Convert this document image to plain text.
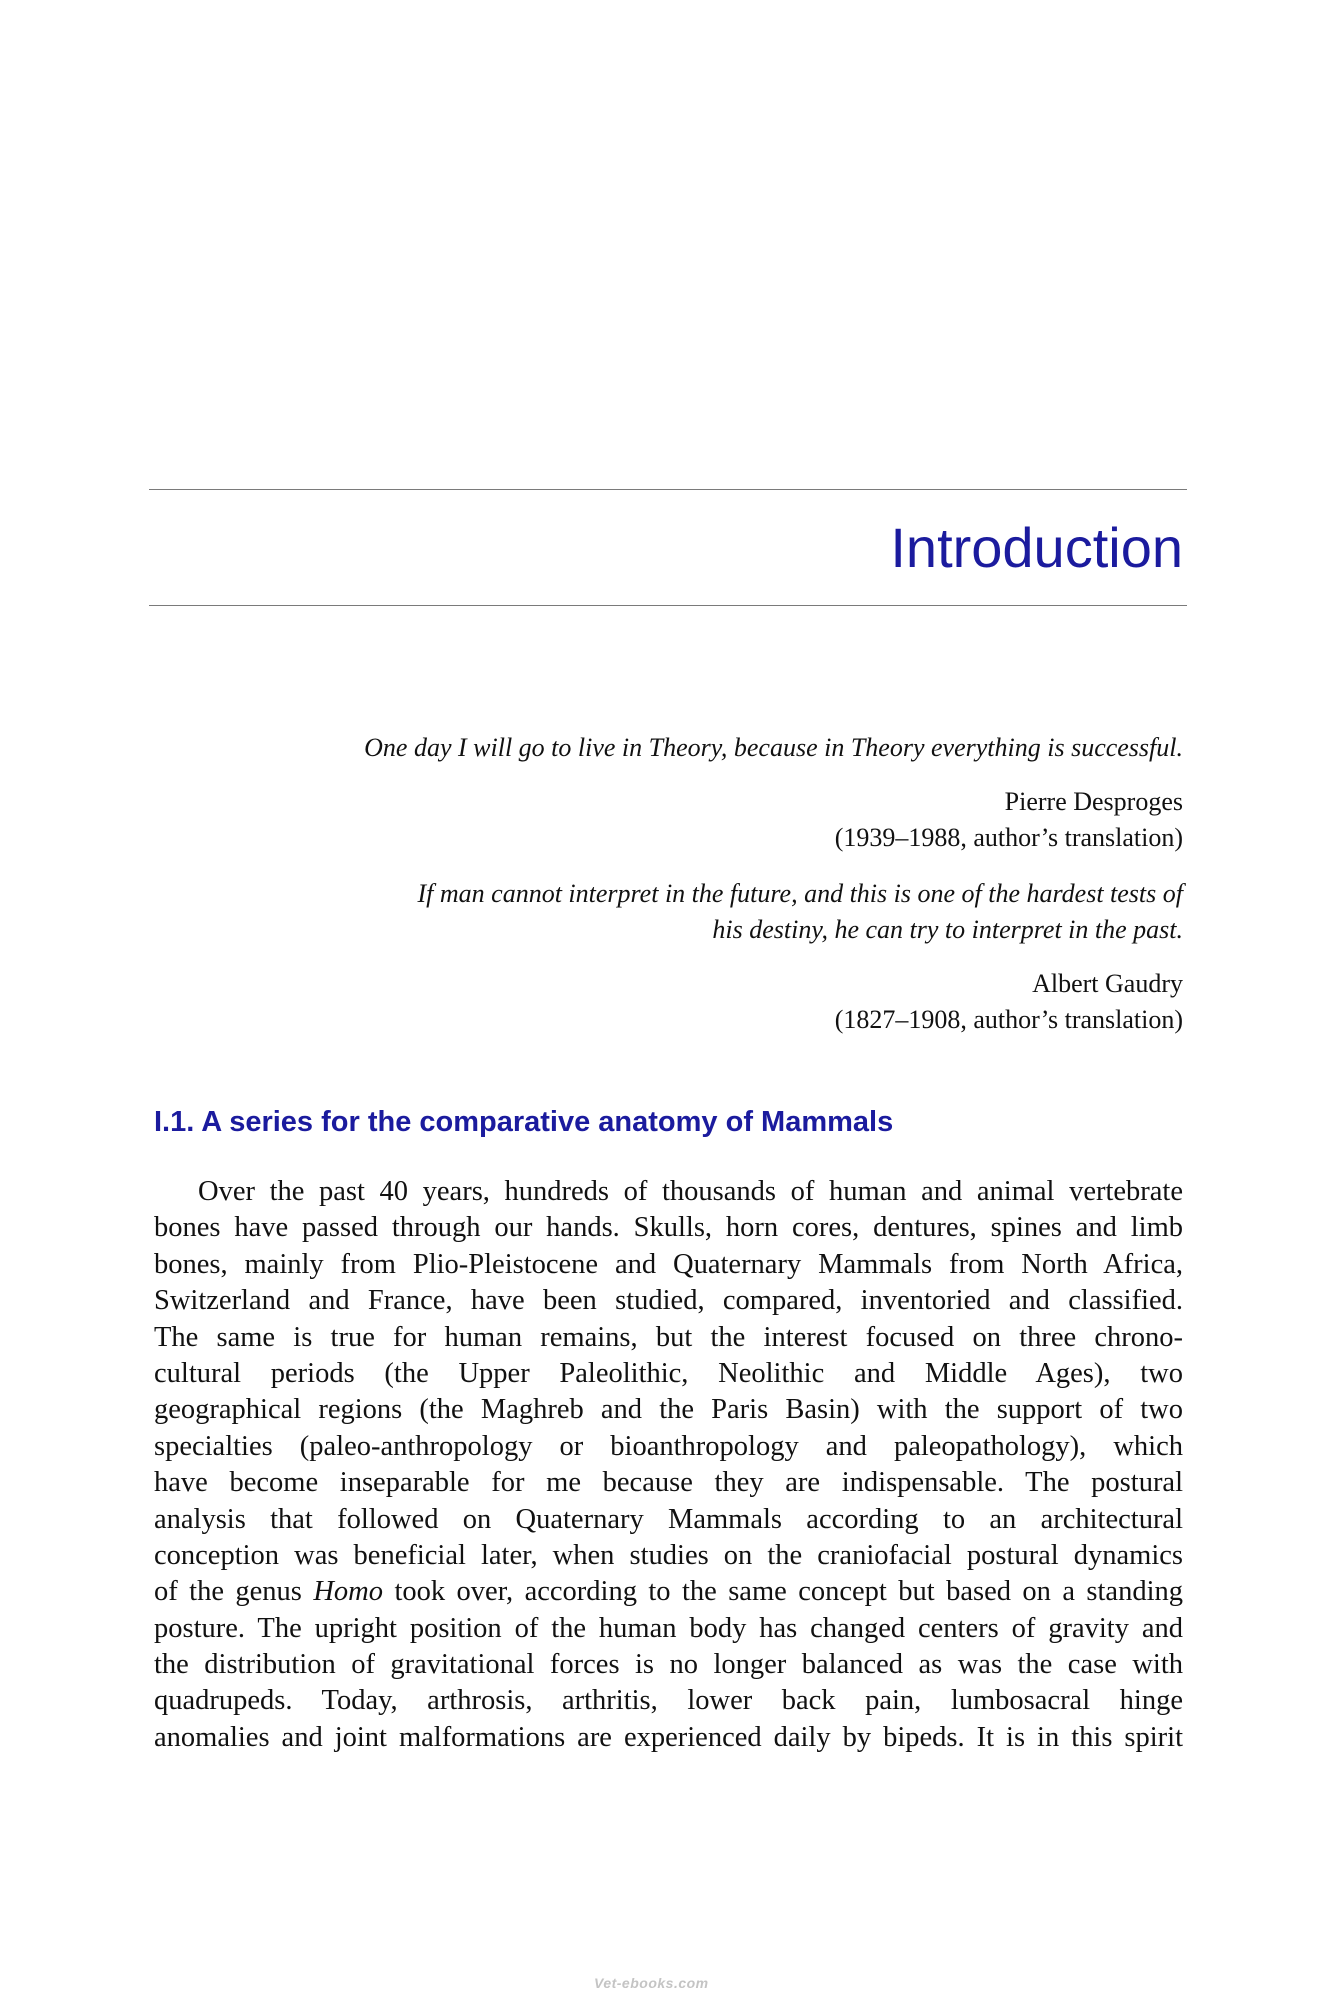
Introduction

One day I will go to live in Theory, because in Theory everything is successful.

Pierre Desproges
(1939–1988, author’s translation)

If man cannot interpret in the future, and this is one of the hardest tests of
his destiny, he can try to interpret in the past.

Albert Gaudry
(1827–1908, author’s translation)

I.1. A series for the comparative anatomy of Mammals
Over the past 40 years, hundreds of thousands of human and animal vertebrate
bones have passed through our hands. Skulls, horn cores, dentures, spines and limb
bones, mainly from Plio-Pleistocene and Quaternary Mammals from North Africa,
Switzerland and France, have been studied, compared, inventoried and classified.
The same is true for human remains, but the interest focused on three chrono-
cultural periods (the Upper Paleolithic, Neolithic and Middle Ages), two
geographical regions (the Maghreb and the Paris Basin) with the support of two
specialties (paleo-anthropology or bioanthropology and paleopathology), which
have become inseparable for me because they are indispensable. The postural
analysis that followed on Quaternary Mammals according to an architectural
conception was beneficial later, when studies on the craniofacial postural dynamics
of the genus Homo took over, according to the same concept but based on a standing
posture. The upright position of the human body has changed centers of gravity and
the distribution of gravitational forces is no longer balanced as was the case with
quadrupeds. Today, arthrosis, arthritis, lower back pain, lumbosacral hinge
anomalies and joint malformations are experienced daily by bipeds. It is in this spirit
Vet-ebooks.com
